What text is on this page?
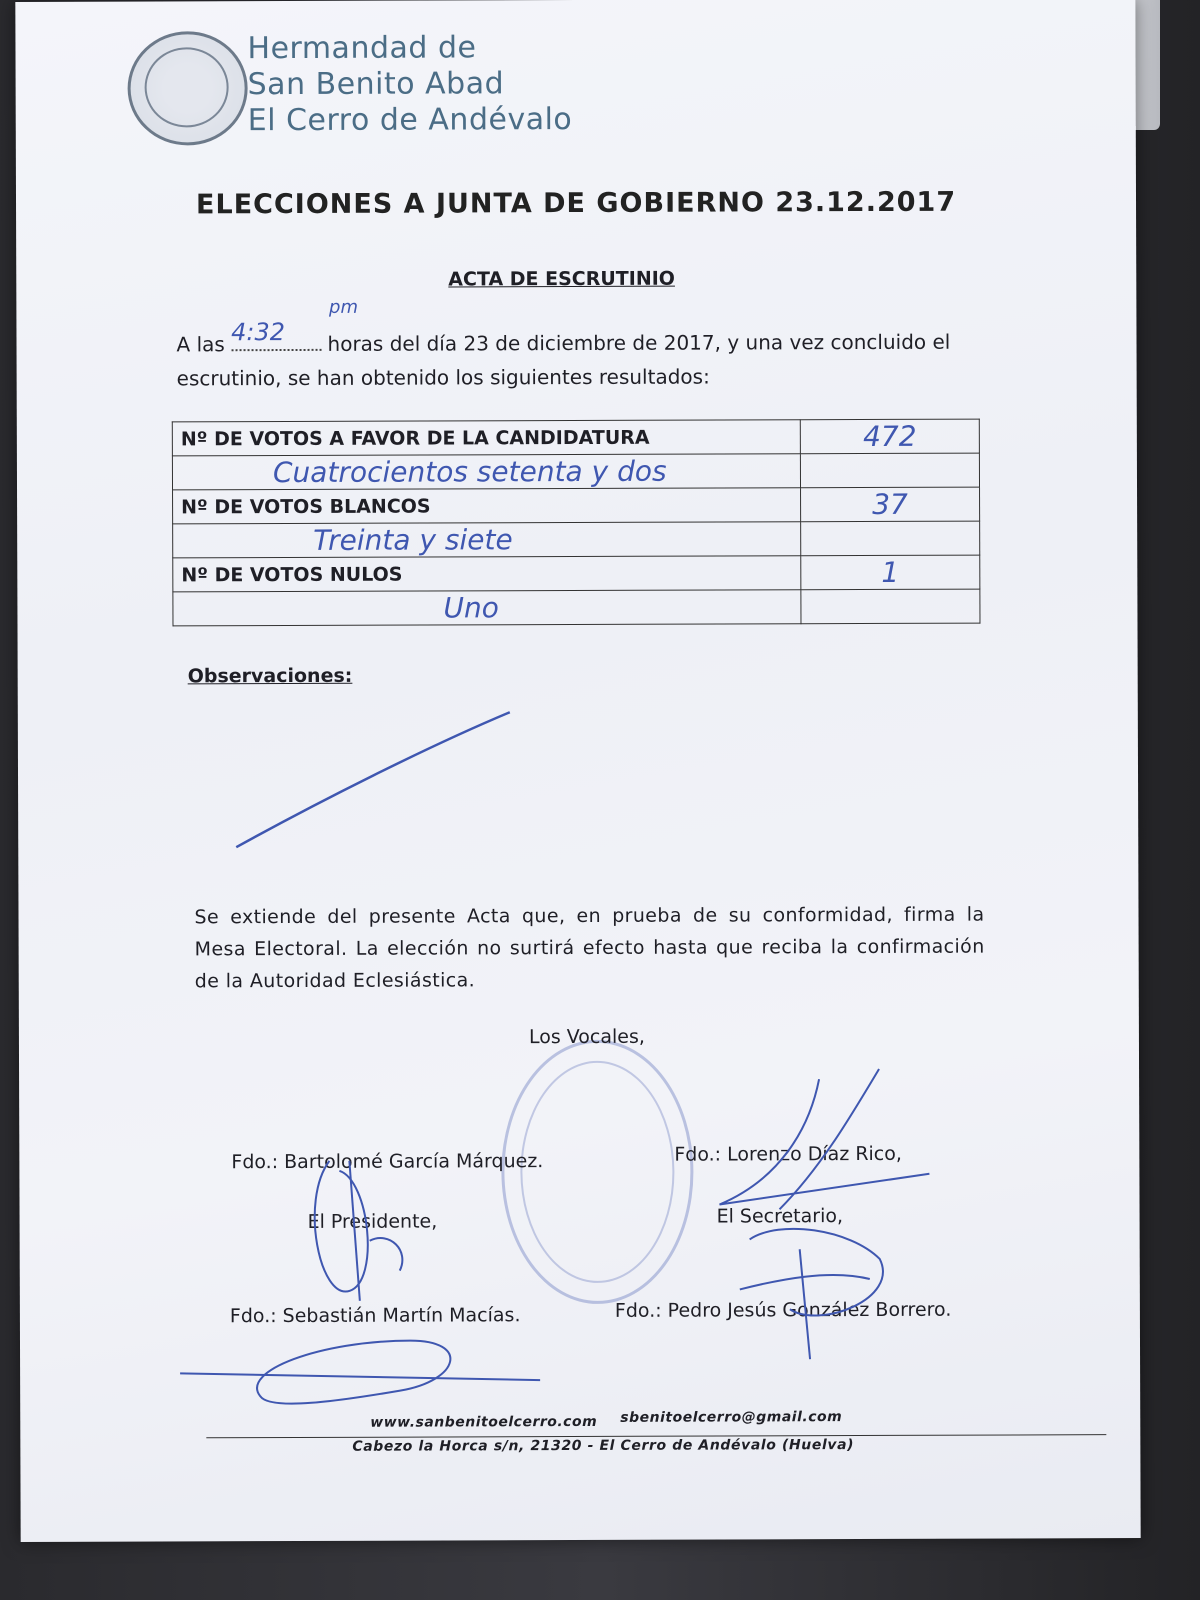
Hermandad de
San Benito Abad
El Cerro de Andévalo
ELECCIONES A JUNTA DE GOBIERNO 23.12.2017
ACTA DE ESCRUTINIO
A las 4:32
pm
horas del día 23 de diciembre de 2017, y una vez concluido el
escrutinio, se han obtenido los siguientes resultados:
Nº DE VOTOS A FAVOR DE LA CANDIDATURA	472
Cuatrocientos setenta y dos	
Nº DE VOTOS BLANCOS	37
Treinta y siete	
Nº DE VOTOS NULOS	1
Uno	
Observaciones:
Se extiende del presente Acta que, en prueba de su conformidad, firma la Mesa Electoral. La elección no surtirá efecto hasta que reciba la confirmación de la Autoridad Eclesiástica.
Los Vocales,
Fdo.: Bartolomé García Márquez.	Fdo.: Lorenzo Díaz Rico,
El Presidente,	El Secretario,
Fdo.: Sebastián Martín Macías.	Fdo.: Pedro Jesús González Borrero.
www.sanbenitoelcerro.com sbenitoelcerro@gmail.com
Cabezo la Horca s/n, 21320 - El Cerro de Andévalo (Huelva)
